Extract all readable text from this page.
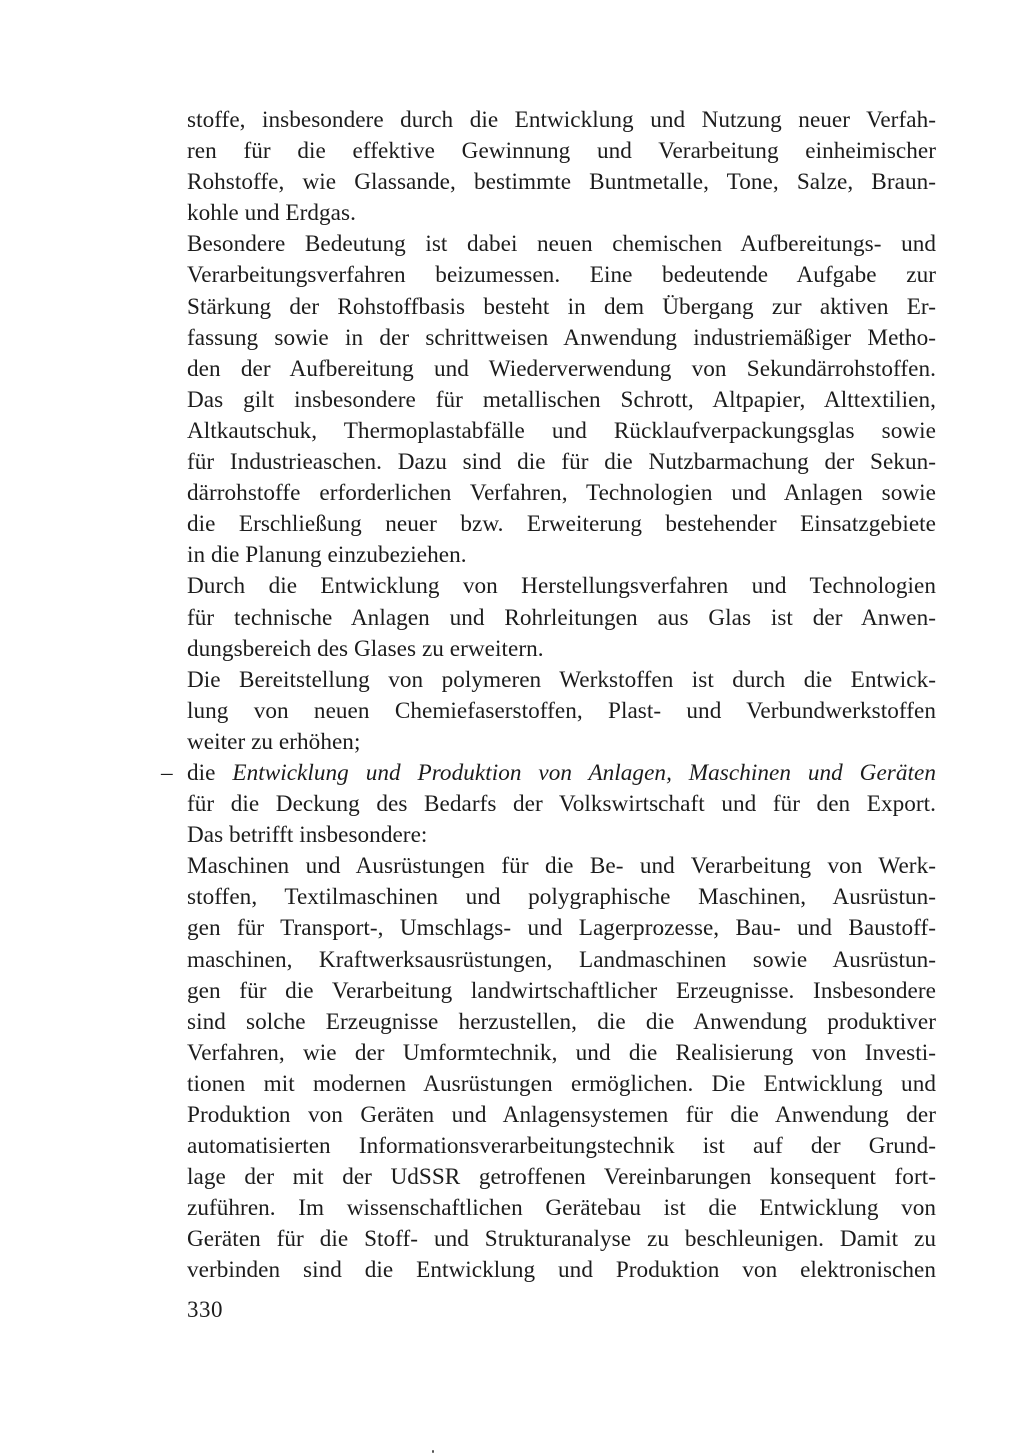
stoffe, insbesondere durch die Entwicklung und Nutzung neuer Verfah-
ren für die effektive Gewinnung und Verarbeitung einheimischer
Rohstoffe, wie Glassande, bestimmte Buntmetalle, Tone, Salze, Braun-
kohle und Erdgas.
Besondere Bedeutung ist dabei neuen chemischen Aufbereitungs- und
Verarbeitungsverfahren beizumessen. Eine bedeutende Aufgabe zur
Stärkung der Rohstoffbasis besteht in dem Übergang zur aktiven Er-
fassung sowie in der schrittweisen Anwendung industriemäßiger Metho-
den der Aufbereitung und Wiederverwendung von Sekundärrohstoffen.
Das gilt insbesondere für metallischen Schrott, Altpapier, Alttextilien,
Altkautschuk, Thermoplastabfälle und Rücklaufverpackungsglas sowie
für Industrieaschen. Dazu sind die für die Nutzbarmachung der Sekun-
därrohstoffe erforderlichen Verfahren, Technologien und Anlagen sowie
die Erschließung neuer bzw. Erweiterung bestehender Einsatzgebiete
in die Planung einzubeziehen.
Durch die Entwicklung von Herstellungsverfahren und Technologien
für technische Anlagen und Rohrleitungen aus Glas ist der Anwen-
dungsbereich des Glases zu erweitern.
Die Bereitstellung von polymeren Werkstoffen ist durch die Entwick-
lung von neuen Chemiefaserstoffen, Plast- und Verbundwerkstoffen
weiter zu erhöhen;
– die Entwicklung und Produktion von Anlagen, Maschinen und Geräten
für die Deckung des Bedarfs der Volkswirtschaft und für den Export.
Das betrifft insbesondere:
Maschinen und Ausrüstungen für die Be- und Verarbeitung von Werk-
stoffen, Textilmaschinen und polygraphische Maschinen, Ausrüstun-
gen für Transport-, Umschlags- und Lagerprozesse, Bau- und Baustoff-
maschinen, Kraftwerksausrüstungen, Landmaschinen sowie Ausrüstun-
gen für die Verarbeitung landwirtschaftlicher Erzeugnisse. Insbesondere
sind solche Erzeugnisse herzustellen, die die Anwendung produktiver
Verfahren, wie der Umformtechnik, und die Realisierung von Investi-
tionen mit modernen Ausrüstungen ermöglichen. Die Entwicklung und
Produktion von Geräten und Anlagensystemen für die Anwendung der
automatisierten Informationsverarbeitungstechnik ist auf der Grund-
lage der mit der UdSSR getroffenen Vereinbarungen konsequent fort-
zuführen. Im wissenschaftlichen Gerätebau ist die Entwicklung von
Geräten für die Stoff- und Strukturanalyse zu beschleunigen. Damit zu
verbinden sind die Entwicklung und Produktion von elektronischen
330
